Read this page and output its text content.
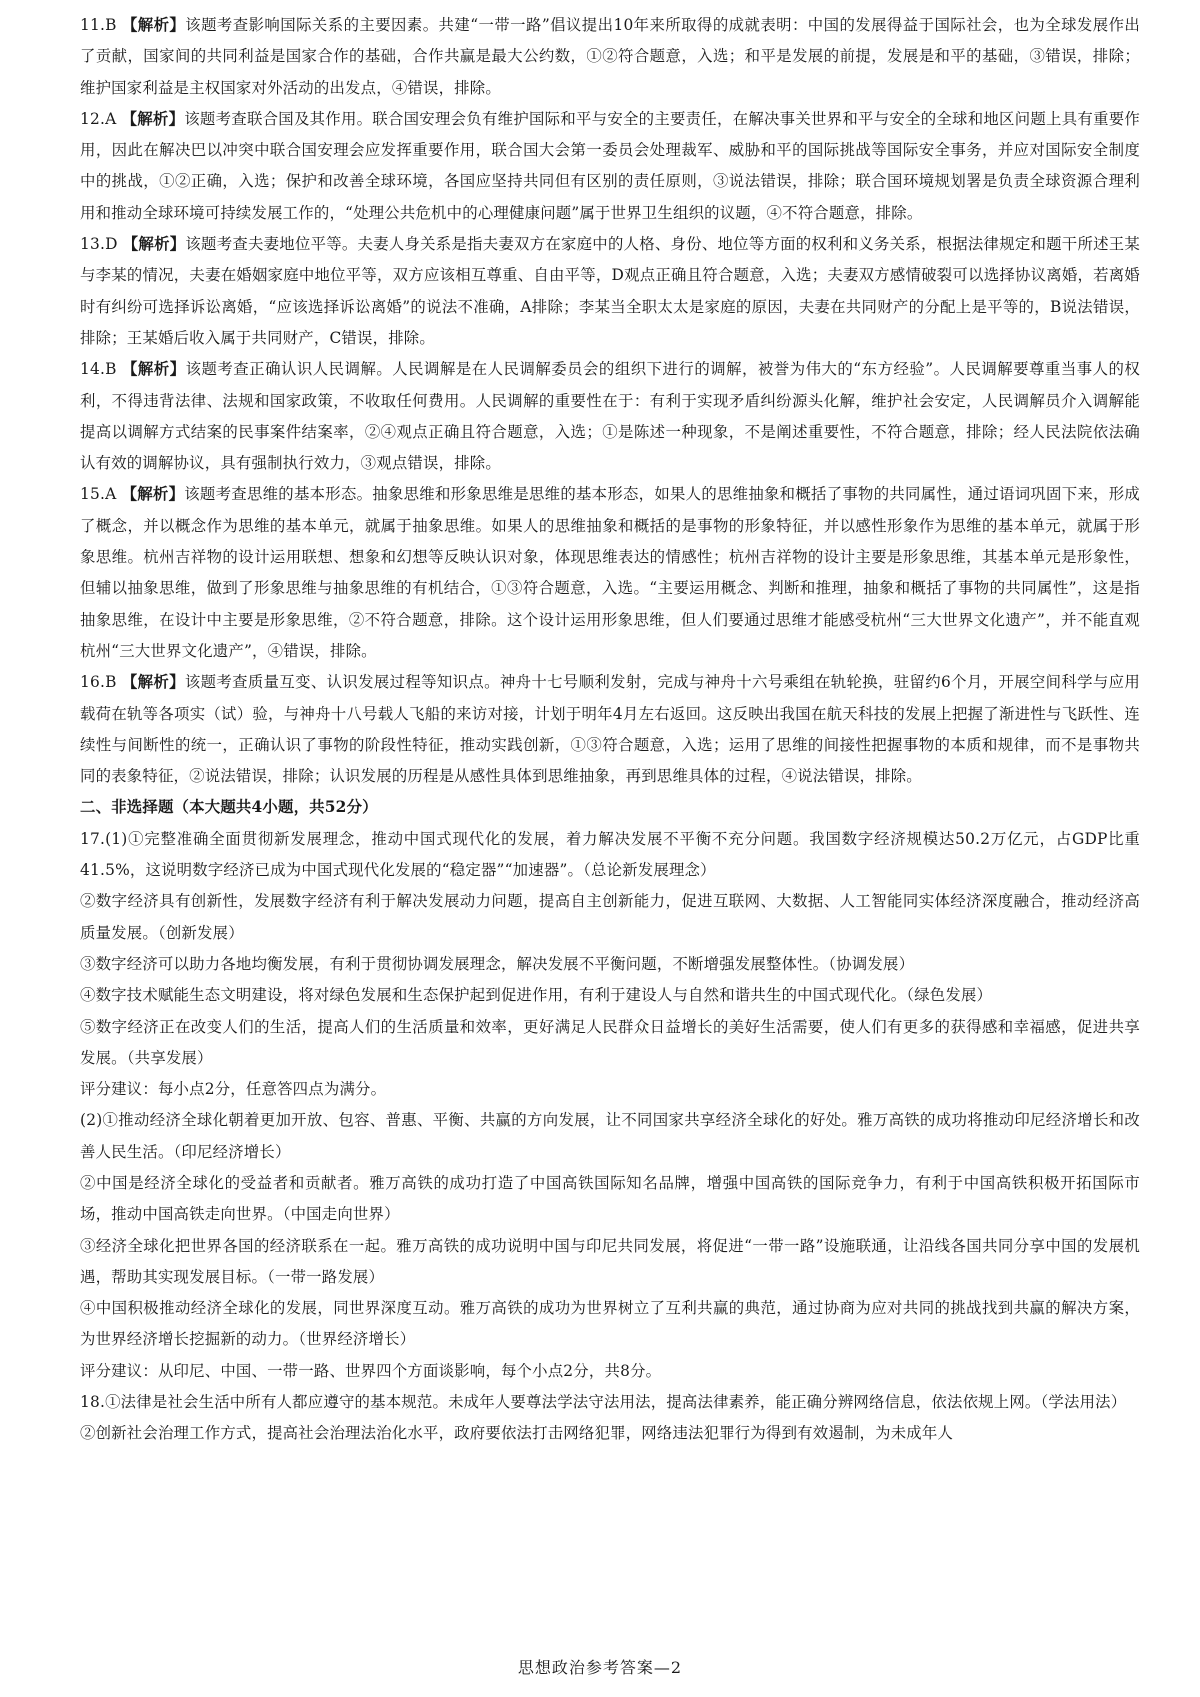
11.B 【解析】该题考查影响国际关系的主要因素。共建“一带一路”倡议提出10年来所取得的成就表明：中国的发展得益于国际社会，也为全球发展作出了贡献，国家间的共同利益是国家合作的基础，合作共赢是最大公约数，①②符合题意，入选；和平是发展的前提，发展是和平的基础，③错误，排除；维护国家利益是主权国家对外活动的出发点，④错误，排除。

12.A 【解析】该题考查联合国及其作用。联合国安理会负有维护国际和平与安全的主要责任，在解决事关世界和平与安全的全球和地区问题上具有重要作用，因此在解决巴以冲突中联合国安理会应发挥重要作用，联合国大会第一委员会处理裁军、威胁和平的国际挑战等国际安全事务，并应对国际安全制度中的挑战，①②正确，入选；保护和改善全球环境，各国应坚持共同但有区别的责任原则，③说法错误，排除；联合国环境规划署是负责全球资源合理利用和推动全球环境可持续发展工作的，“处理公共危机中的心理健康问题”属于世界卫生组织的议题，④不符合题意，排除。

13.D 【解析】该题考查夫妻地位平等。夫妻人身关系是指夫妻双方在家庭中的人格、身份、地位等方面的权利和义务关系，根据法律规定和题干所述王某与李某的情况，夫妻在婚姻家庭中地位平等，双方应该相互尊重、自由平等，D观点正确且符合题意，入选；夫妻双方感情破裂可以选择协议离婚，若离婚时有纠纷可选择诉讼离婚，“应该选择诉讼离婚”的说法不准确，A排除；李某当全职太太是家庭的原因，夫妻在共同财产的分配上是平等的，B说法错误，排除；王某婚后收入属于共同财产，C错误，排除。

14.B 【解析】该题考查正确认识人民调解。人民调解是在人民调解委员会的组织下进行的调解，被誉为伟大的“东方经验”。人民调解要尊重当事人的权利，不得违背法律、法规和国家政策，不收取任何费用。人民调解的重要性在于：有利于实现矛盾纠纷源头化解，维护社会安定，人民调解员介入调解能提高以调解方式结案的民事案件结案率，②④观点正确且符合题意，入选；①是陈述一种现象，不是阐述重要性，不符合题意，排除；经人民法院依法确认有效的调解协议，具有强制执行效力，③观点错误，排除。

15.A 【解析】该题考查思维的基本形态。抽象思维和形象思维是思维的基本形态，如果人的思维抽象和概括了事物的共同属性，通过语词巩固下来，形成了概念，并以概念作为思维的基本单元，就属于抽象思维。如果人的思维抽象和概括的是事物的形象特征，并以感性形象作为思维的基本单元，就属于形象思维。杭州吉祥物的设计运用联想、想象和幻想等反映认识对象，体现思维表达的情感性；杭州吉祥物的设计主要是形象思维，其基本单元是形象性，但辅以抽象思维，做到了形象思维与抽象思维的有机结合，①③符合题意，入选。“主要运用概念、判断和推理，抽象和概括了事物的共同属性”，这是指抽象思维，在设计中主要是形象思维，②不符合题意，排除。这个设计运用形象思维，但人们要通过思维才能感受杭州“三大世界文化遗产”，并不能直观杭州“三大世界文化遗产”，④错误，排除。

16.B 【解析】该题考查质量互变、认识发展过程等知识点。神舟十七号顺利发射，完成与神舟十六号乘组在轨轮换，驻留约6个月，开展空间科学与应用载荷在轨等各项实（试）验，与神舟十八号载人飞船的来访对接，计划于明年4月左右返回。这反映出我国在航天科技的发展上把握了渐进性与飞跃性、连续性与间断性的统一，正确认识了事物的阶段性特征，推动实践创新，①③符合题意，入选；运用了思维的间接性把握事物的本质和规律，而不是事物共同的表象特征，②说法错误，排除；认识发展的历程是从感性具体到思维抽象，再到思维具体的过程，④说法错误，排除。

二、非选择题（本大题共4小题，共52分）

17.(1)①完整准确全面贯彻新发展理念，推动中国式现代化的发展，着力解决发展不平衡不充分问题。我国数字经济规模达50.2万亿元，占GDP比重41.5%，这说明数字经济已成为中国式现代化发展的“稳定器”“加速器”。（总论新发展理念）

②数字经济具有创新性，发展数字经济有利于解决发展动力问题，提高自主创新能力，促进互联网、大数据、人工智能同实体经济深度融合，推动经济高质量发展。（创新发展）

③数字经济可以助力各地均衡发展，有利于贯彻协调发展理念，解决发展不平衡问题，不断增强发展整体性。（协调发展）

④数字技术赋能生态文明建设，将对绿色发展和生态保护起到促进作用，有利于建设人与自然和谐共生的中国式现代化。（绿色发展）

⑤数字经济正在改变人们的生活，提高人们的生活质量和效率，更好满足人民群众日益增长的美好生活需要，使人们有更多的获得感和幸福感，促进共享发展。（共享发展）

评分建议：每小点2分，任意答四点为满分。

(2)①推动经济全球化朝着更加开放、包容、普惠、平衡、共赢的方向发展，让不同国家共享经济全球化的好处。雅万高铁的成功将推动印尼经济增长和改善人民生活。（印尼经济增长）

②中国是经济全球化的受益者和贡献者。雅万高铁的成功打造了中国高铁国际知名品牌，增强中国高铁的国际竞争力，有利于中国高铁积极开拓国际市场，推动中国高铁走向世界。（中国走向世界）

③经济全球化把世界各国的经济联系在一起。雅万高铁的成功说明中国与印尼共同发展，将促进“一带一路”设施联通，让沿线各国共同分享中国的发展机遇，帮助其实现发展目标。（一带一路发展）

④中国积极推动经济全球化的发展，同世界深度互动。雅万高铁的成功为世界树立了互利共赢的典范，通过协商为应对共同的挑战找到共赢的解决方案，为世界经济增长挖掘新的动力。（世界经济增长）

评分建议：从印尼、中国、一带一路、世界四个方面谈影响，每个小点2分，共8分。

18.①法律是社会生活中所有人都应遵守的基本规范。未成年人要尊法学法守法用法，提高法律素养，能正确分辨网络信息，依法依规上网。（学法用法）

②创新社会治理工作方式，提高社会治理法治化水平，政府要依法打击网络犯罪，网络违法犯罪行为得到有效遏制，为未成年人

思想政治参考答案—2
